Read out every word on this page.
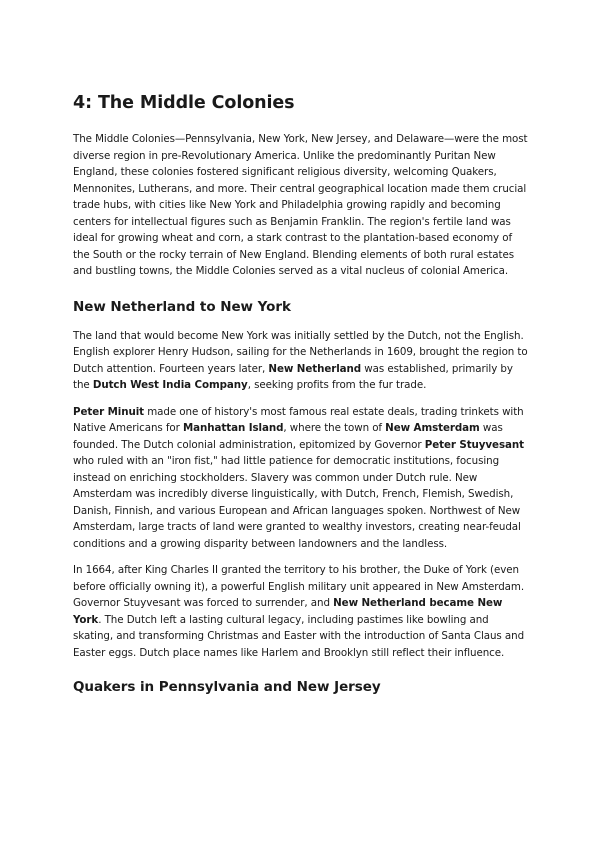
4: The Middle Colonies

The Middle Colonies—Pennsylvania, New York, New Jersey, and Delaware—were the most diverse region in pre-Revolutionary America. Unlike the predominantly Puritan New England, these colonies fostered significant religious diversity, welcoming Quakers, Mennonites, Lutherans, and more. Their central geographical location made them crucial trade hubs, with cities like New York and Philadelphia growing rapidly and becoming centers for intellectual figures such as Benjamin Franklin. The region's fertile land was ideal for growing wheat and corn, a stark contrast to the plantation-based economy of the South or the rocky terrain of New England. Blending elements of both rural estates and bustling towns, the Middle Colonies served as a vital nucleus of colonial America.

New Netherland to New York

The land that would become New York was initially settled by the Dutch, not the English. English explorer Henry Hudson, sailing for the Netherlands in 1609, brought the region to Dutch attention. Fourteen years later, New Netherland was established, primarily by the Dutch West India Company, seeking profits from the fur trade.

Peter Minuit made one of history's most famous real estate deals, trading trinkets with Native Americans for Manhattan Island, where the town of New Amsterdam was founded. The Dutch colonial administration, epitomized by Governor Peter Stuyvesant who ruled with an "iron fist," had little patience for democratic institutions, focusing instead on enriching stockholders. Slavery was common under Dutch rule. New Amsterdam was incredibly diverse linguistically, with Dutch, French, Flemish, Swedish, Danish, Finnish, and various European and African languages spoken. Northwest of New Amsterdam, large tracts of land were granted to wealthy investors, creating near-feudal conditions and a growing disparity between landowners and the landless.

In 1664, after King Charles II granted the territory to his brother, the Duke of York (even before officially owning it), a powerful English military unit appeared in New Amsterdam. Governor Stuyvesant was forced to surrender, and New Netherland became New York. The Dutch left a lasting cultural legacy, including pastimes like bowling and skating, and transforming Christmas and Easter with the introduction of Santa Claus and Easter eggs. Dutch place names like Harlem and Brooklyn still reflect their influence.

Quakers in Pennsylvania and New Jersey
